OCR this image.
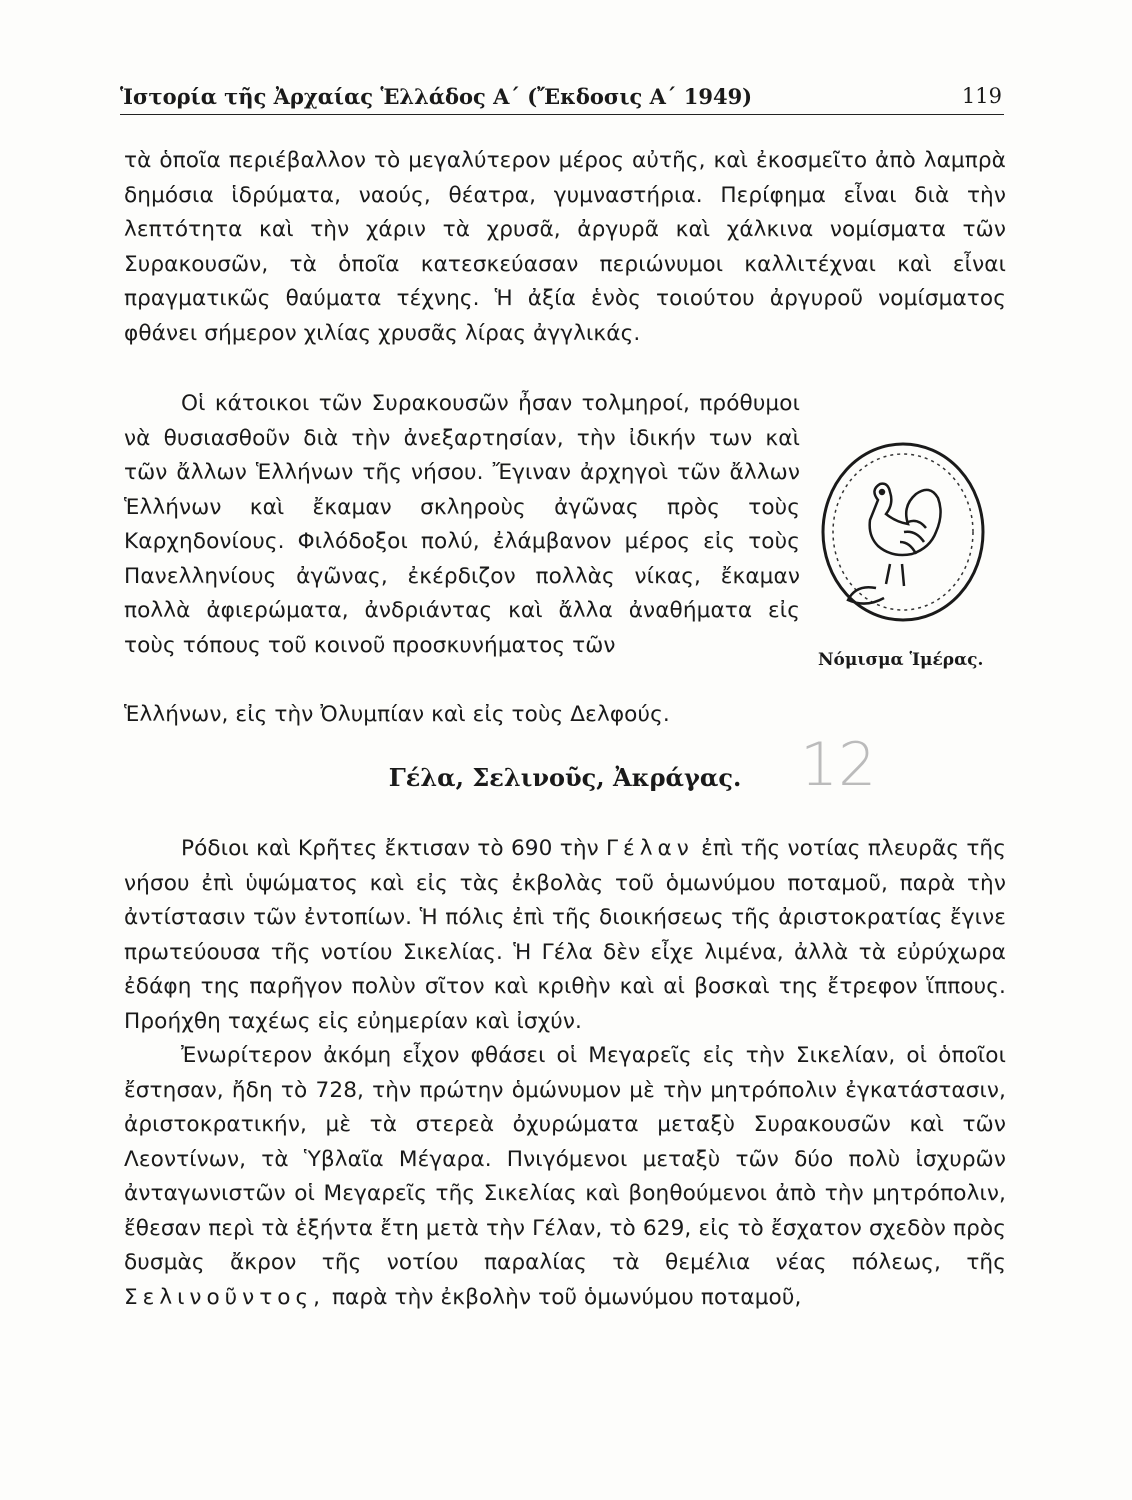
Ἱστορία τῆς Ἀρχαίας Ἑλλάδος Α΄ (Ἔκδοσις Α΄ 1949)	119

τὰ ὁποῖα περιέβαλλον τὸ μεγαλύτερον μέρος αὐτῆς, καὶ ἐκοσμεῖτο ἀπὸ λαμπρὰ δημόσια ἱδρύματα, ναούς, θέατρα, γυμναστήρια. Περίφημα εἶναι διὰ τὴν λεπτότητα καὶ τὴν χάριν τὰ χρυσᾶ, ἀργυρᾶ καὶ χάλκινα νομίσματα τῶν Συρακουσῶν, τὰ ὁποῖα κατεσκεύασαν περιώνυμοι καλλιτέχναι καὶ εἶναι πραγματικῶς θαύματα τέχνης. Ἡ ἀξία ἑνὸς τοιούτου ἀργυροῦ νομίσματος φθάνει σήμερον χιλίας χρυσᾶς λίρας ἀγγλικάς.

Οἱ κάτοικοι τῶν Συρακουσῶν ἦσαν τολμηροί, πρόθυμοι νὰ θυσιασθοῦν διὰ τὴν ἀνεξαρτησίαν, τὴν ἰδικήν των καὶ τῶν ἄλλων Ἑλλήνων τῆς νήσου. Ἔγιναν ἀρχηγοὶ τῶν ἄλλων Ἑλλήνων καὶ ἔκαμαν σκληροὺς ἀγῶνας πρὸς τοὺς Καρχηδονίους. Φιλόδοξοι πολύ, ἐλάμβανον μέρος εἰς τοὺς Πανελληνίους ἀγῶνας, ἐκέρδιζον πολλὰς νίκας, ἔκαμαν πολλὰ ἀφιερώματα, ἀνδριάντας καὶ ἄλλα ἀναθήματα εἰς τοὺς τόπους τοῦ κοινοῦ προσκυνήματος τῶν

Ἑλλήνων, εἰς τὴν Ὀλυμπίαν καὶ εἰς τοὺς Δελφούς.

Νόμισμα Ἱμέρας.
12
Γέλα, Σελινοῦς, Ἀκράγας.

Ρόδιοι καὶ Κρῆτες ἔκτισαν τὸ 690 τὴν Γέλαν ἐπὶ τῆς νοτίας πλευρᾶς τῆς νήσου ἐπὶ ὑψώματος καὶ εἰς τὰς ἐκβολὰς τοῦ ὁμωνύμου ποταμοῦ, παρὰ τὴν ἀντίστασιν τῶν ἐντοπίων. Ἡ πόλις ἐπὶ τῆς διοικήσεως τῆς ἀριστοκρατίας ἔγινε πρωτεύουσα τῆς νοτίου Σικελίας. Ἡ Γέλα δὲν εἶχε λιμένα, ἀλλὰ τὰ εὐρύχωρα ἐδάφη της παρῆγον πολὺν σῖτον καὶ κριθὴν καὶ αἱ βοσκαὶ της ἔτρεφον ἵππους. Προήχθη ταχέως εἰς εὐημερίαν καὶ ἰσχύν.

Ἐνωρίτερον ἀκόμη εἶχον φθάσει οἱ Μεγαρεῖς εἰς τὴν Σικελίαν, οἱ ὁποῖοι ἔστησαν, ἤδη τὸ 728, τὴν πρώτην ὁμώνυμον μὲ τὴν μητρόπολιν ἐγκατάστασιν, ἀριστοκρατικήν, μὲ τὰ στερεὰ ὀχυρώματα μεταξὺ Συρακουσῶν καὶ τῶν Λεοντίνων, τὰ Ὑβλαῖα Μέγαρα. Πνιγόμενοι μεταξὺ τῶν δύο πολὺ ἰσχυρῶν ἀνταγωνιστῶν οἱ Μεγαρεῖς τῆς Σικελίας καὶ βοηθούμενοι ἀπὸ τὴν μητρόπολιν, ἔθεσαν περὶ τὰ ἑξήντα ἔτη μετὰ τὴν Γέλαν, τὸ 629, εἰς τὸ ἔσχατον σχεδὸν πρὸς δυσμὰς ἄκρον τῆς νοτίου παραλίας τὰ θεμέλια νέας πόλεως, τῆς Σελινοῦντος, παρὰ τὴν ἐκβολὴν τοῦ ὁμωνύμου ποταμοῦ,
